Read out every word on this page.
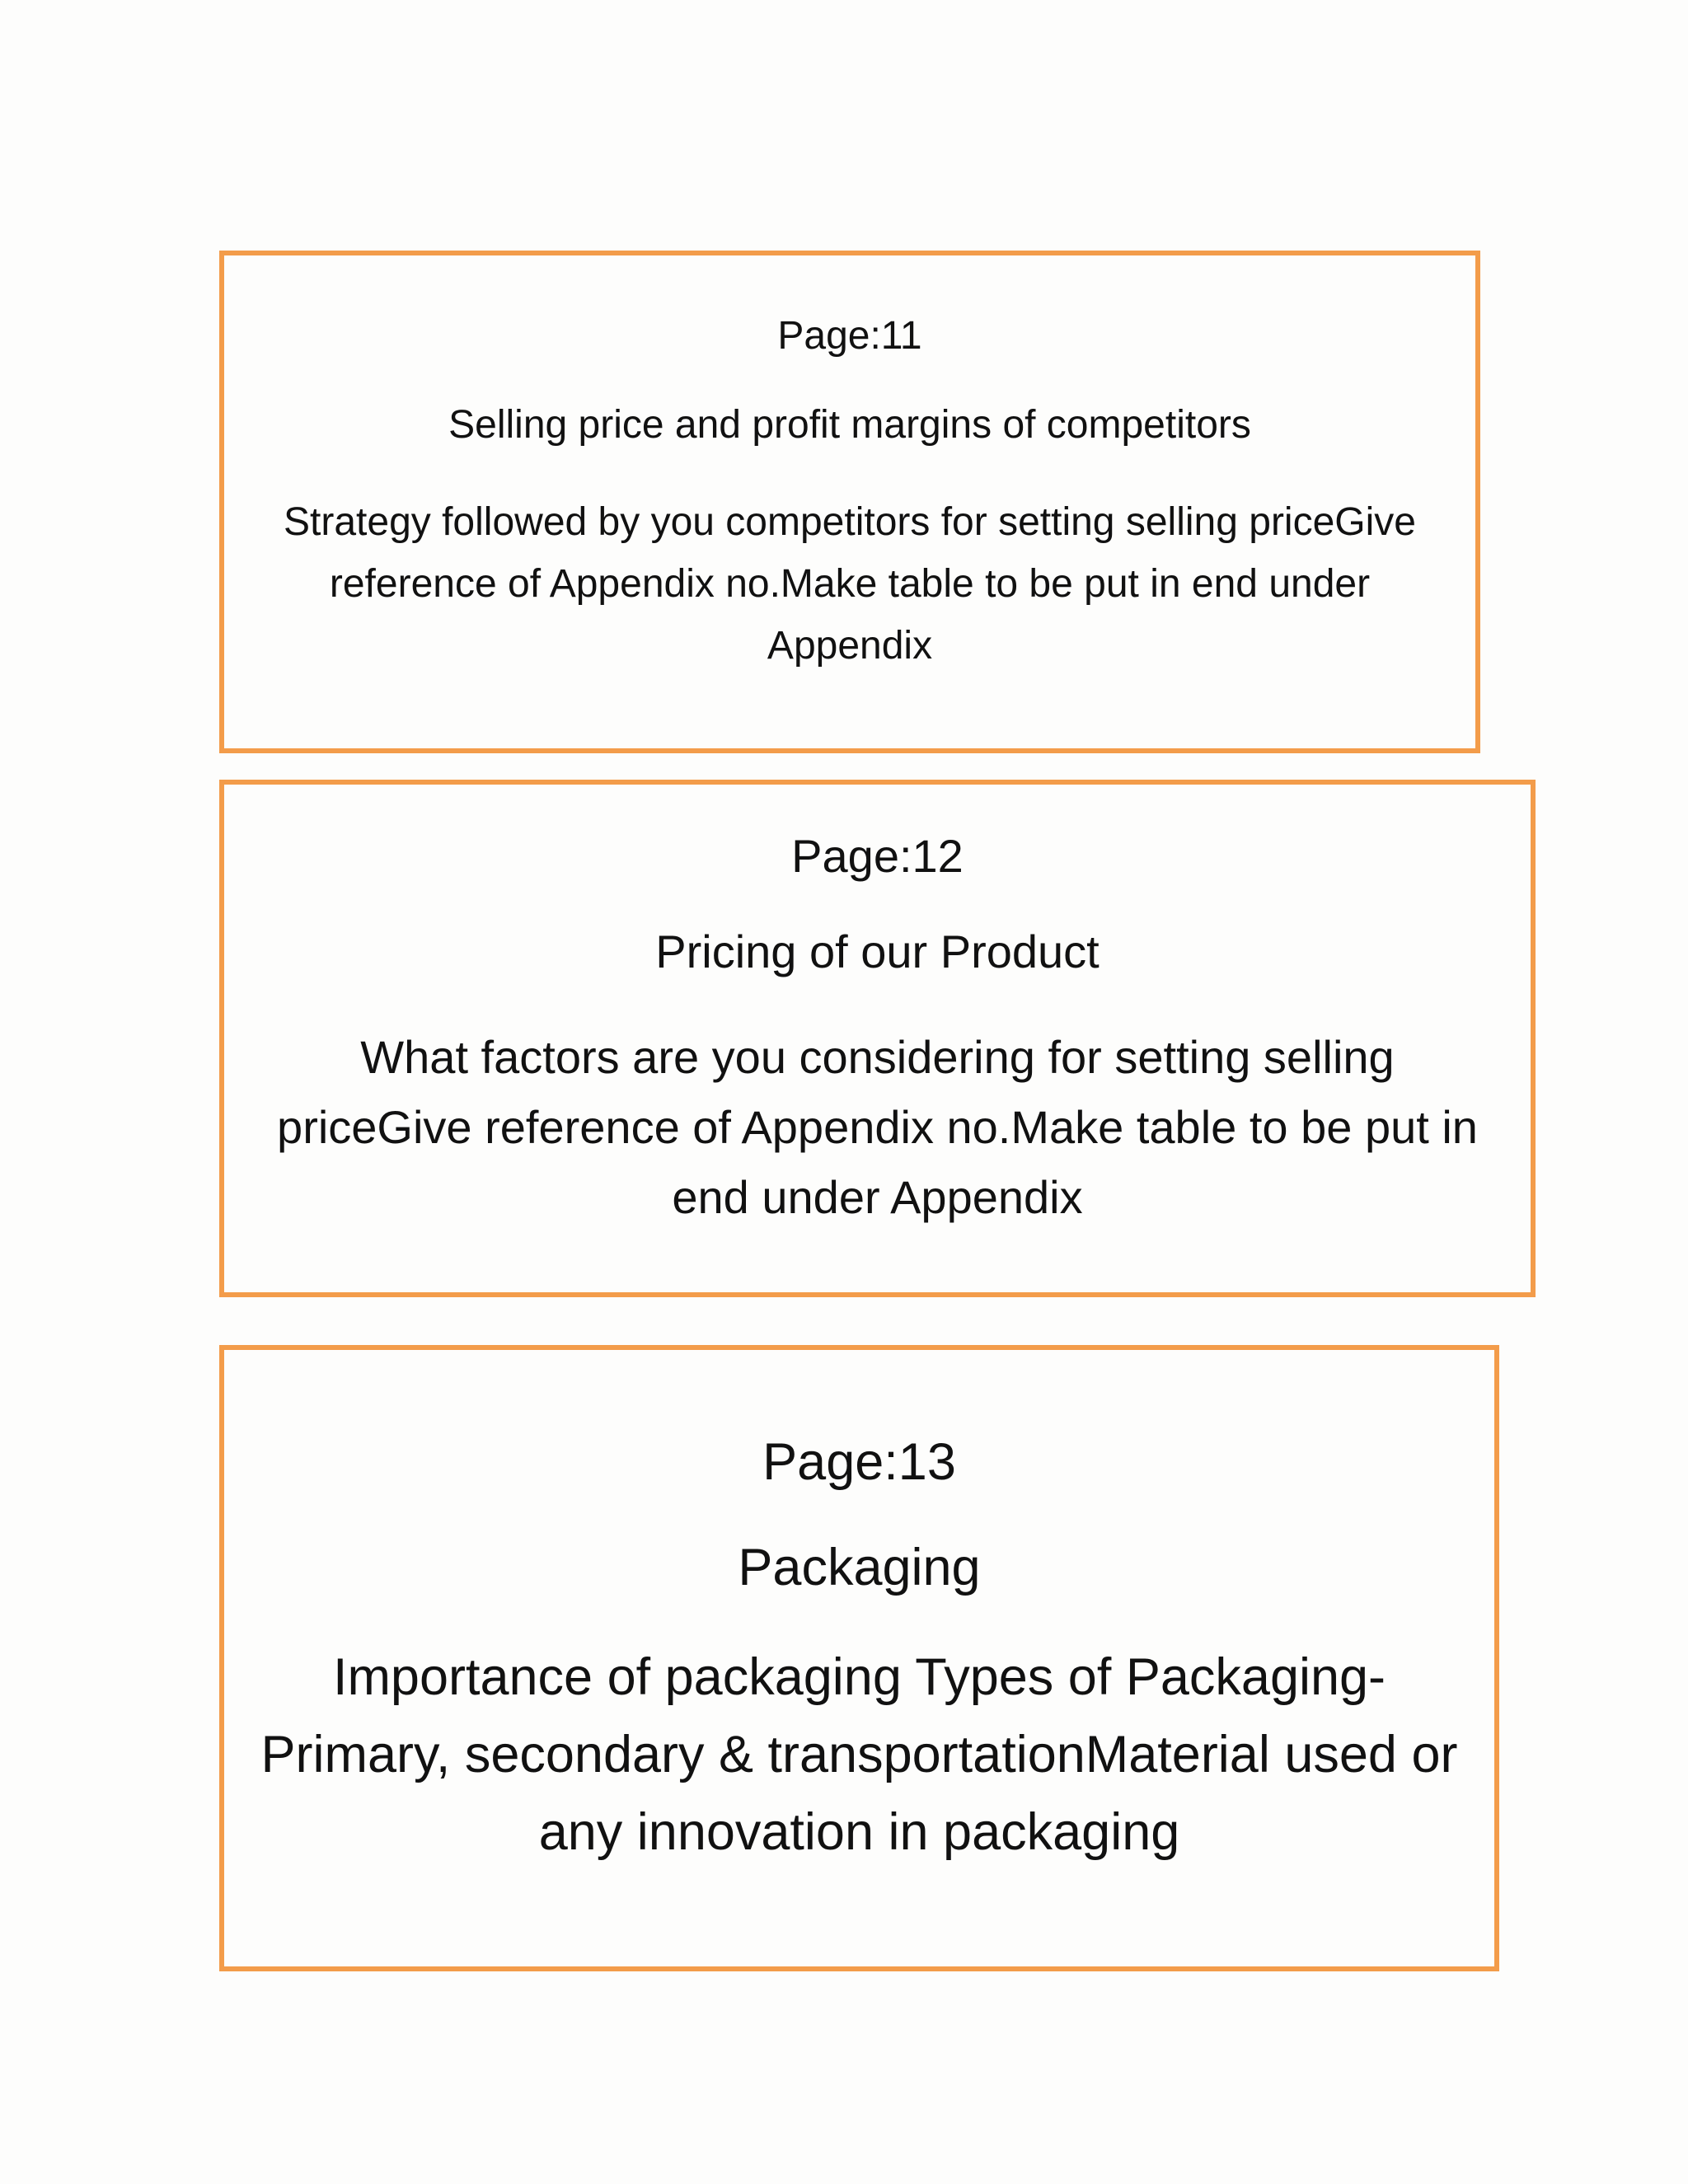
Page:11

Selling price and profit margins of competitors

Strategy followed by you competitors for setting selling priceGive reference of Appendix no.Make table to be put in end under Appendix

Page:12

Pricing of our Product

What factors are you considering for setting selling priceGive reference of Appendix no.Make table to be put in end under Appendix

Page:13

Packaging

Importance of packaging Types of Packaging-Primary, secondary & transportationMaterial used or any innovation in packaging
